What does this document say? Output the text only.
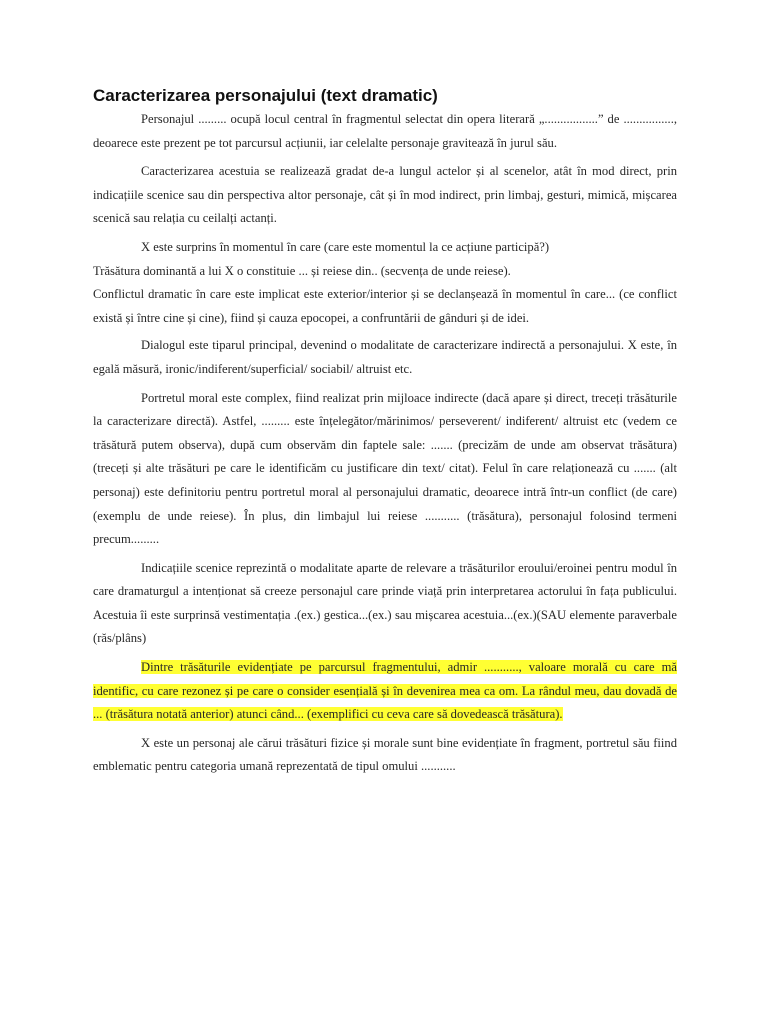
Caracterizarea personajului (text dramatic)

Personajul ......... ocupă locul central în fragmentul selectat din opera literară „.................” de ................, deoarece este prezent pe tot parcursul acțiunii, iar celelalte personaje gravitează în jurul său.

Caracterizarea acestuia se realizează gradat de-a lungul actelor și al scenelor, atât în mod direct, prin indicațiile scenice sau din perspectiva altor personaje, cât și în mod indirect, prin limbaj, gesturi, mimică, mișcarea scenică sau relația cu ceilalți actanți.

X este surprins în momentul în care (care este momentul la ce acțiune participă?)

Trăsătura dominantă a lui X o constituie ... și reiese din.. (secvența de unde reiese).

Conflictul dramatic în care este implicat este exterior/interior și se declanșează în momentul în care... (ce conflict există și între cine și cine), fiind și cauza epocopei, a confruntării de gânduri și de idei.

Dialogul este tiparul principal, devenind o modalitate de caracterizare indirectă a personajului. X este, în egală măsură, ironic/indiferent/superficial/ sociabil/ altruist etc.

Portretul moral este complex, fiind realizat prin mijloace indirecte (dacă apare și direct, treceți trăsăturile la caracterizare directă). Astfel, ......... este înțelegător/mărinimos/ perseverent/ indiferent/ altruist etc (vedem ce trăsătură putem observa), după cum observăm din faptele sale: ....... (precizăm de unde am observat trăsătura) (treceți și alte trăsături pe care le identificăm cu justificare din text/ citat). Felul în care relaționează cu ....... (alt personaj) este definitoriu pentru portretul moral al personajului dramatic, deoarece intră într-un conflict (de care) (exemplu de unde reiese). În plus, din limbajul lui reiese ........... (trăsătura), personajul folosind termeni precum.........

Indicațiile scenice reprezintă o modalitate aparte de relevare a trăsăturilor eroului/eroinei pentru modul în care dramaturgul a intenționat să creeze personajul care prinde viață prin interpretarea actorului în fața publicului. Acestuia îi este surprinsă vestimentația .(ex.) gestica...(ex.) sau mișcarea acestuia...(ex.)(SAU elemente paraverbale (răs/plâns)

Dintre trăsăturile evidențiate pe parcursul fragmentului, admir ..........., valoare morală cu care mă identific, cu care rezonez și pe care o consider esențială și în devenirea mea ca om. La rândul meu, dau dovadă de ... (trăsătura notată anterior) atunci când... (exemplifici cu ceva care să dovedească trăsătura).

X este un personaj ale cărui trăsături fizice și morale sunt bine evidențiate în fragment, portretul său fiind emblematic pentru categoria umană reprezentată de tipul omului ...........
